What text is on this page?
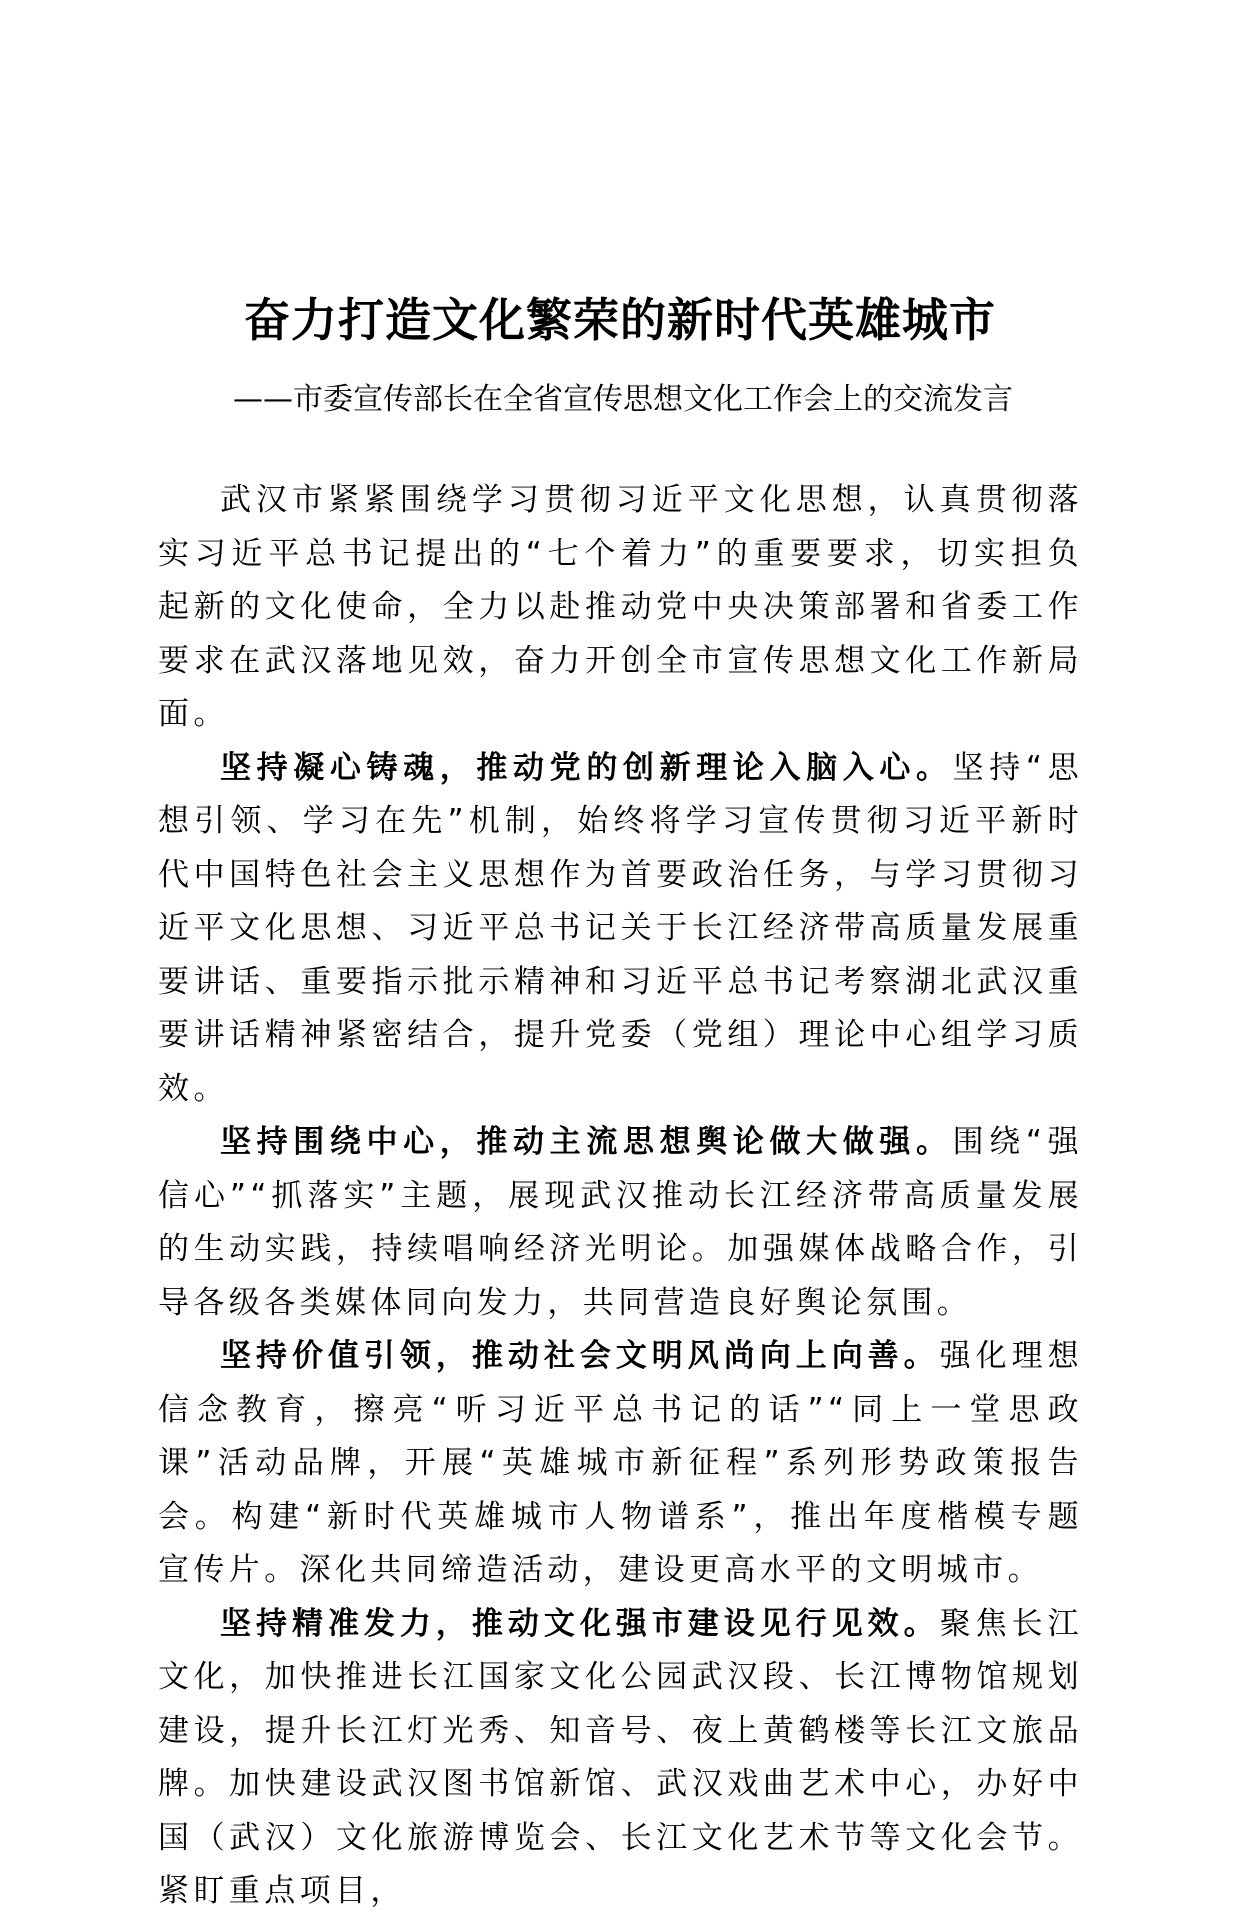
奋力打造文化繁荣的新时代英雄城市
——市委宣传部长在全省宣传思想文化工作会上的交流发言

武汉市紧紧围绕学习贯彻习近平文化思想，认真贯彻落实习近平总书记提出的“七个着力”的重要要求，切实担负起新的文化使命，全力以赴推动党中央决策部署和省委工作要求在武汉落地见效，奋力开创全市宣传思想文化工作新局面。

坚持凝心铸魂，推动党的创新理论入脑入心。坚持“思想引领、学习在先”机制，始终将学习宣传贯彻习近平新时代中国特色社会主义思想作为首要政治任务，与学习贯彻习近平文化思想、习近平总书记关于长江经济带高质量发展重要讲话、重要指示批示精神和习近平总书记考察湖北武汉重要讲话精神紧密结合，提升党委（党组）理论中心组学习质效。

坚持围绕中心，推动主流思想舆论做大做强。围绕“强信心”“抓落实”主题，展现武汉推动长江经济带高质量发展的生动实践，持续唱响经济光明论。加强媒体战略合作，引导各级各类媒体同向发力，共同营造良好舆论氛围。

坚持价值引领，推动社会文明风尚向上向善。强化理想信念教育，擦亮“听习近平总书记的话”“同上一堂思政课”活动品牌，开展“英雄城市新征程”系列形势政策报告会。构建“新时代英雄城市人物谱系”，推出年度楷模专题宣传片。深化共同缔造活动，建设更高水平的文明城市。

坚持精准发力，推动文化强市建设见行见效。聚焦长江文化，加快推进长江国家文化公园武汉段、长江博物馆规划建设，提升长江灯光秀、知音号、夜上黄鹤楼等长江文旅品牌。加快建设武汉图书馆新馆、武汉戏曲艺术中心，办好中国（武汉）文化旅游博览会、长江文化艺术节等文化会节。紧盯重点项目，
